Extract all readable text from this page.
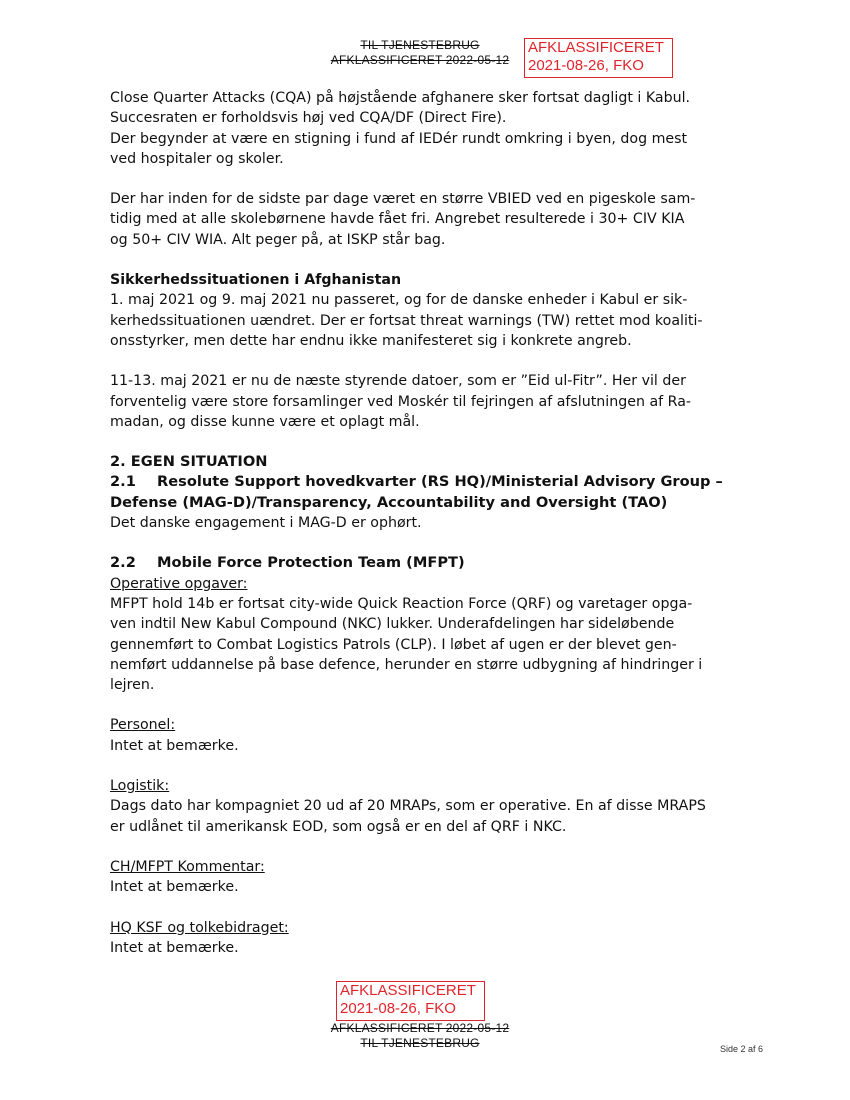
TIL TJENESTEBRUG
AFKLASSIFICERET 2022-05-12
AFKLASSIFICERET
2021-08-26, FKO

Close Quarter Attacks (CQA) på højstående afghanere sker fortsat dagligt i Kabul.

Succesraten er forholdsvis høj ved CQA/DF (Direct Fire).

Der begynder at være en stigning i fund af IEDér rundt omkring i byen, dog mest

ved hospitaler og skoler.

Der har inden for de sidste par dage været en større VBIED ved en pigeskole sam-

tidig med at alle skolebørnene havde fået fri. Angrebet resulterede i 30+ CIV KIA

og 50+ CIV WIA. Alt peger på, at ISKP står bag.

Sikkerhedssituationen i Afghanistan

1. maj 2021 og 9. maj 2021 nu passeret, og for de danske enheder i Kabul er sik-

kerhedssituationen uændret. Der er fortsat threat warnings (TW) rettet mod koaliti-

onsstyrker, men dette har endnu ikke manifesteret sig i konkrete angreb.

11-13. maj 2021 er nu de næste styrende datoer, som er ”Eid ul-Fitr”. Her vil der

forventelig være store forsamlinger ved Moskér til fejringen af afslutningen af Ra-

madan, og disse kunne være et oplagt mål.

2. EGEN SITUATION

2.1 Resolute Support hovedkvarter (RS HQ)/Ministerial Advisory Group –

Defense (MAG-D)/Transparency, Accountability and Oversight (TAO)

Det danske engagement i MAG-D er ophørt.

2.2 Mobile Force Protection Team (MFPT)

Operative opgaver:

MFPT hold 14b er fortsat city-wide Quick Reaction Force (QRF) og varetager opga-

ven indtil New Kabul Compound (NKC) lukker. Underafdelingen har sideløbende

gennemført to Combat Logistics Patrols (CLP). I løbet af ugen er der blevet gen-

nemført uddannelse på base defence, herunder en større udbygning af hindringer i

lejren.

Personel:

Intet at bemærke.

Logistik:

Dags dato har kompagniet 20 ud af 20 MRAPs, som er operative. En af disse MRAPS

er udlånet til amerikansk EOD, som også er en del af QRF i NKC.

CH/MFPT Kommentar:

Intet at bemærke.

HQ KSF og tolkebidraget:

Intet at bemærke.

AFKLASSIFICERET
2021-08-26, FKO
AFKLASSIFICERET 2022-05-12
TIL TJENESTEBRUG	Side 2 af 6
